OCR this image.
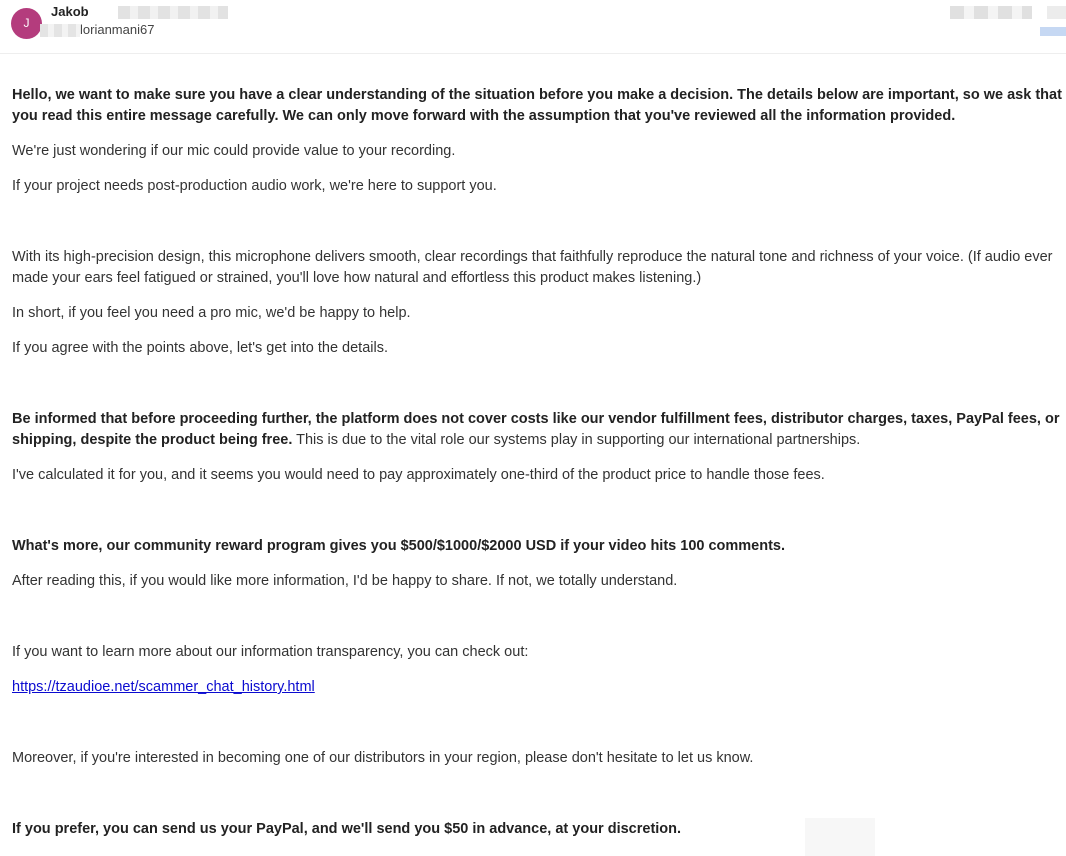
J
Jakob
lorianmani67
Hello, we want to make sure you have a clear understanding of the situation before you make a decision. The details below are important, so we ask that you read this entire message carefully. We can only move forward with the assumption that you've reviewed all the information provided.
We're just wondering if our mic could provide value to your recording.
If your project needs post-production audio work, we're here to support you.
With its high-precision design, this microphone delivers smooth, clear recordings that faithfully reproduce the natural tone and richness of your voice. (If audio ever made your ears feel fatigued or strained, you'll love how natural and effortless this product makes listening.)
In short, if you feel you need a pro mic, we'd be happy to help.
If you agree with the points above, let's get into the details.
Be informed that before proceeding further, the platform does not cover costs like our vendor fulfillment fees, distributor charges, taxes, PayPal fees, or shipping, despite the product being free. This is due to the vital role our systems play in supporting our international partnerships.
I've calculated it for you, and it seems you would need to pay approximately one-third of the product price to handle those fees.
What's more, our community reward program gives you $500/$1000/$2000 USD if your video hits 100 comments.
After reading this, if you would like more information, I'd be happy to share. If not, we totally understand.
If you want to learn more about our information transparency, you can check out:
https://tzaudioe.net/scammer_chat_history.html
Moreover, if you're interested in becoming one of our distributors in your region, please don't hesitate to let us know.
If you prefer, you can send us your PayPal, and we'll send you $50 in advance, at your discretion.
